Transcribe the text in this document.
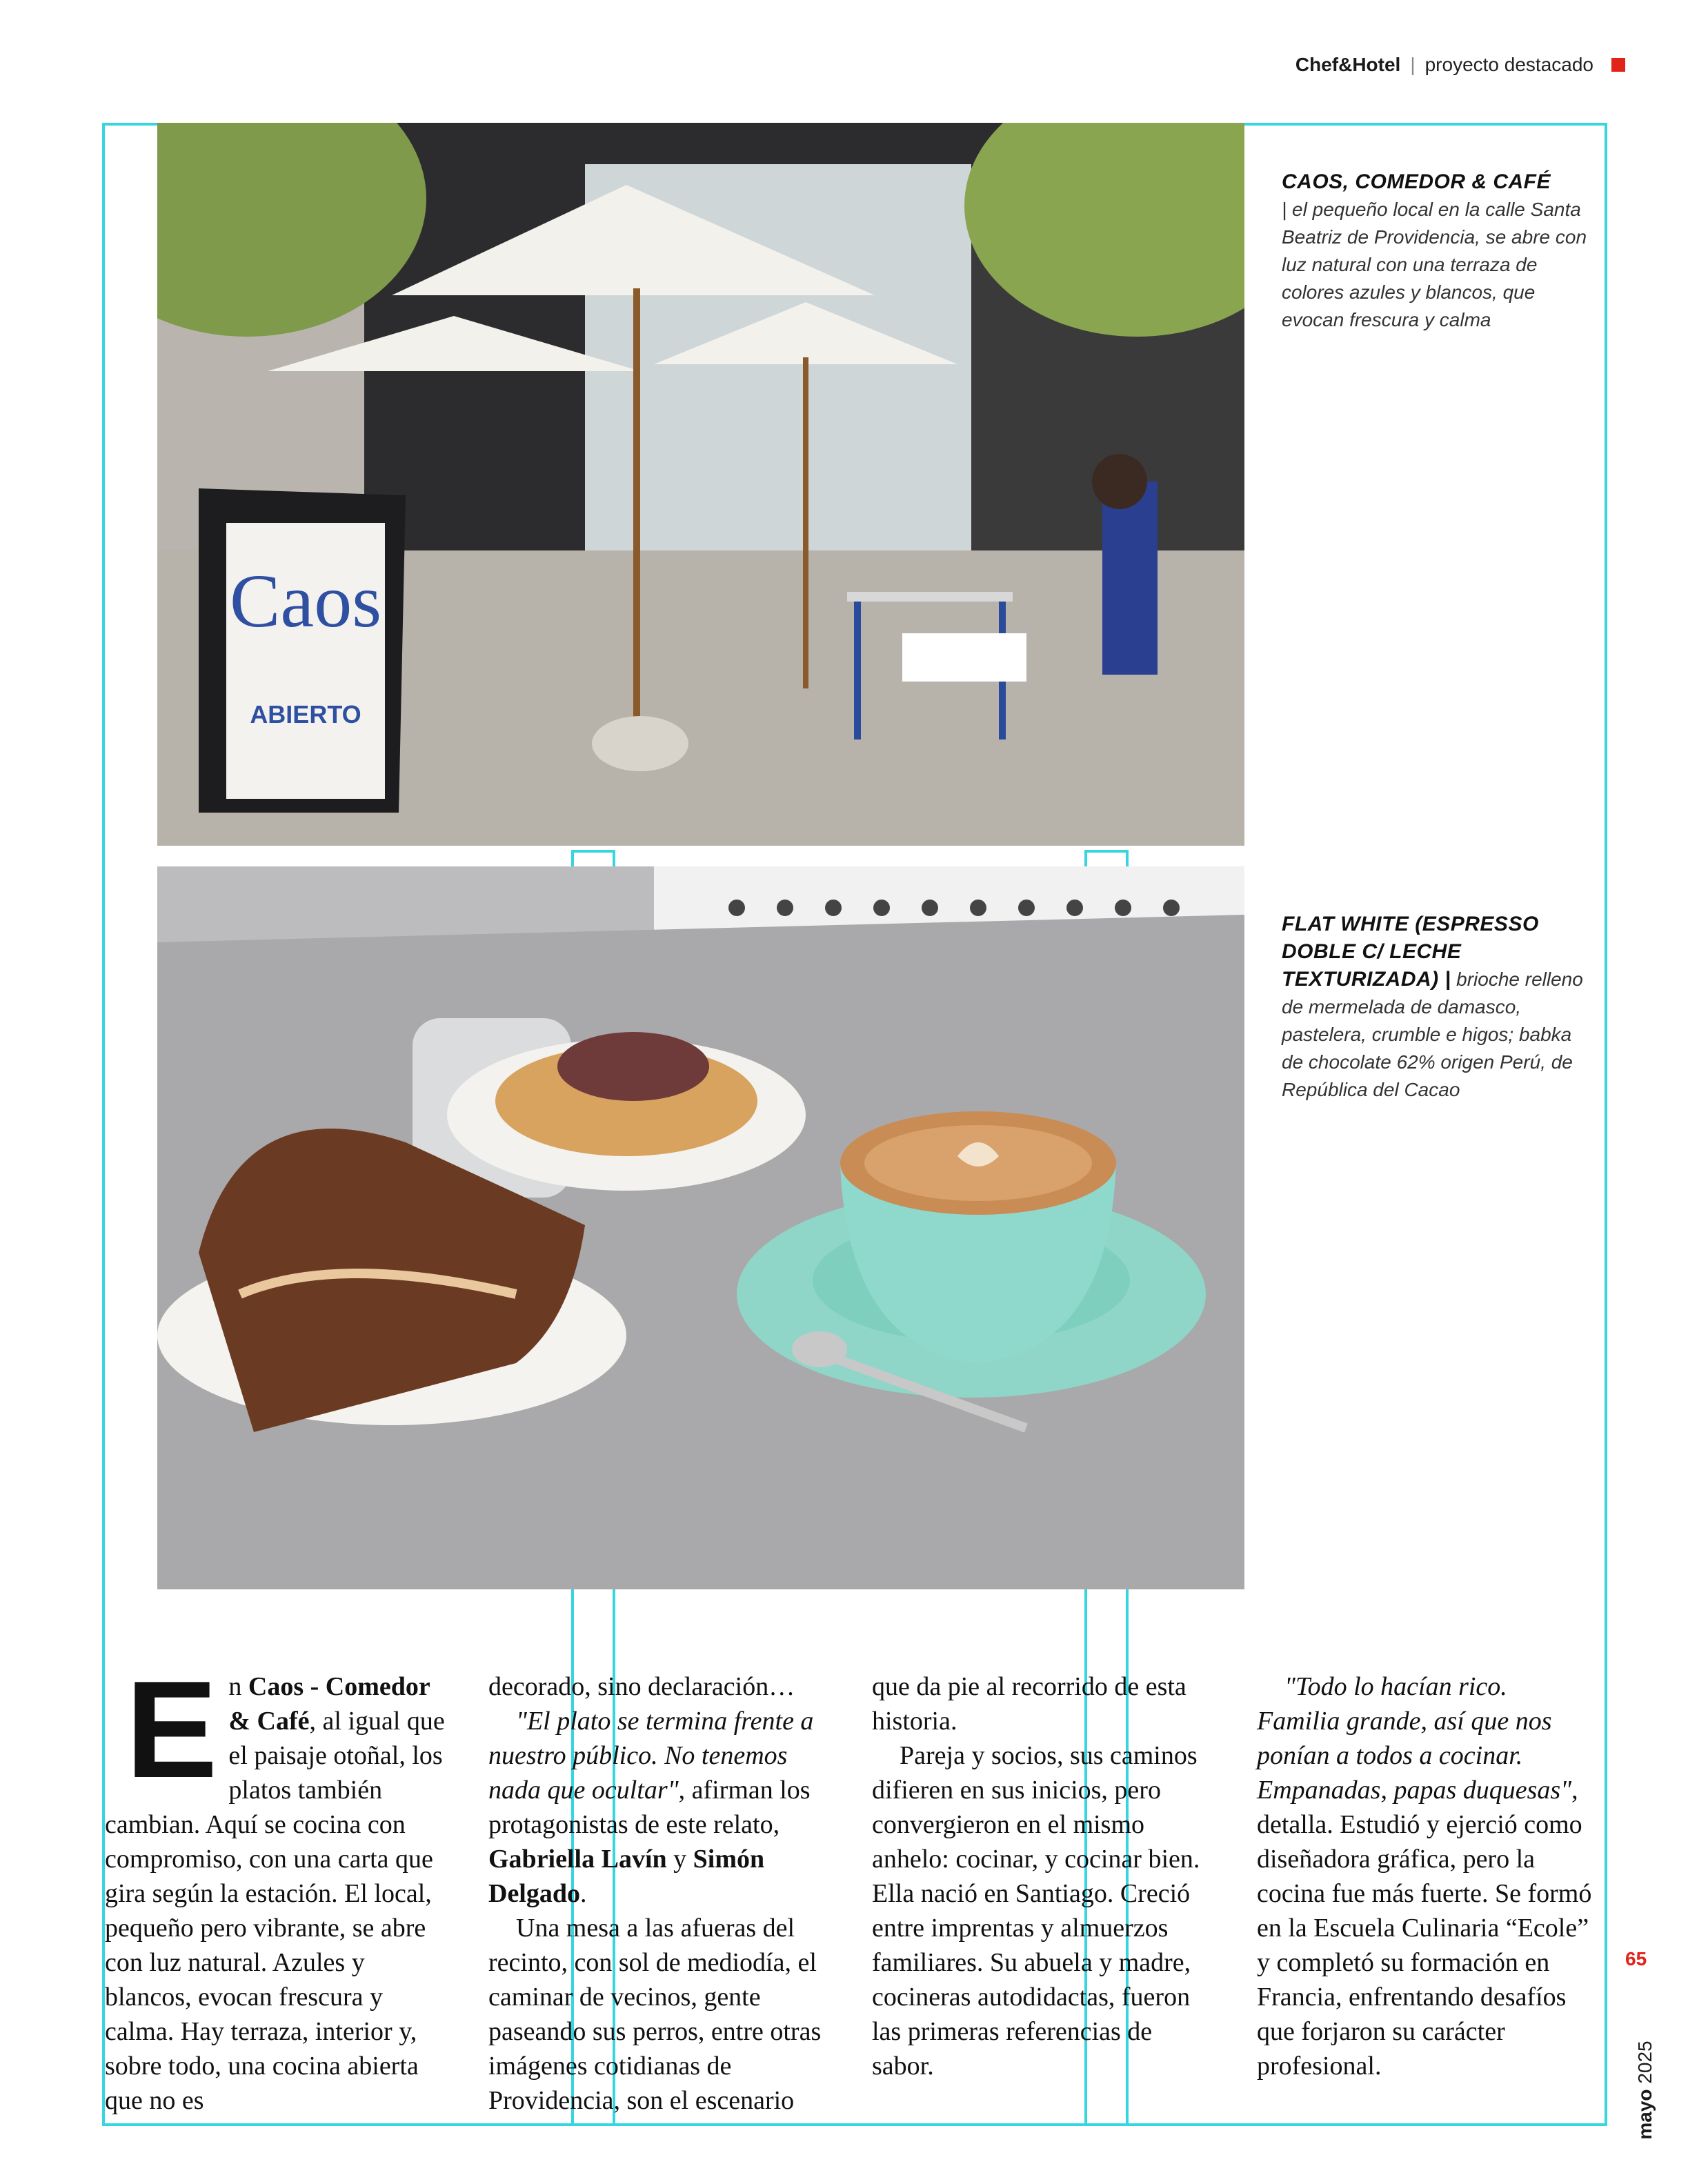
Chef&Hotel | proyecto destacado
Caos
ABIERTO
CAOS, COMEDOR & CAFÉ
| el pequeño local en la calle Santa Beatriz de Providencia, se abre con luz natural con una terraza de colores azules y blancos, que evocan frescura y calma
FLAT WHITE (ESPRESSO DOBLE C/ LECHE TEXTURIZADA) | brioche relleno de mermelada de damasco, pastelera, crumble e higos; babka de chocolate 62% origen Perú, de República del Cacao
E n Caos - Comedor & Café, al igual que el paisaje otoñal, los platos también cambian. Aquí se cocina con compromiso, con una carta que gira según la estación. El local, pequeño pero vibrante, se abre con luz natural. Azules y blancos, evocan frescura y calma. Hay terraza, interior y, sobre todo, una cocina abierta que no es

decorado, sino declaración…

"El plato se termina frente a nuestro público. No tenemos nada que ocultar", afirman los protagonistas de este relato, Gabriella Lavín y Simón Delgado.

Una mesa a las afueras del recinto, con sol de mediodía, el caminar de vecinos, gente paseando sus perros, entre otras imágenes cotidianas de Providencia, son el escenario

que da pie al recorrido de esta historia.

Pareja y socios, sus caminos difieren en sus inicios, pero convergieron en el mismo anhelo: cocinar, y cocinar bien. Ella nació en Santiago. Creció entre imprentas y almuerzos familiares. Su abuela y madre, cocineras autodidactas, fueron las primeras referencias de sabor.

"Todo lo hacían rico. Familia grande, así que nos ponían a todos a cocinar. Empanadas, papas duquesas", detalla. Estudió y ejerció como diseñadora gráfica, pero la cocina fue más fuerte. Se formó en la Escuela Culinaria “Ecole” y completó su formación en Francia, enfrentando desafíos que forjaron su carácter profesional.

65
mayo 2025
